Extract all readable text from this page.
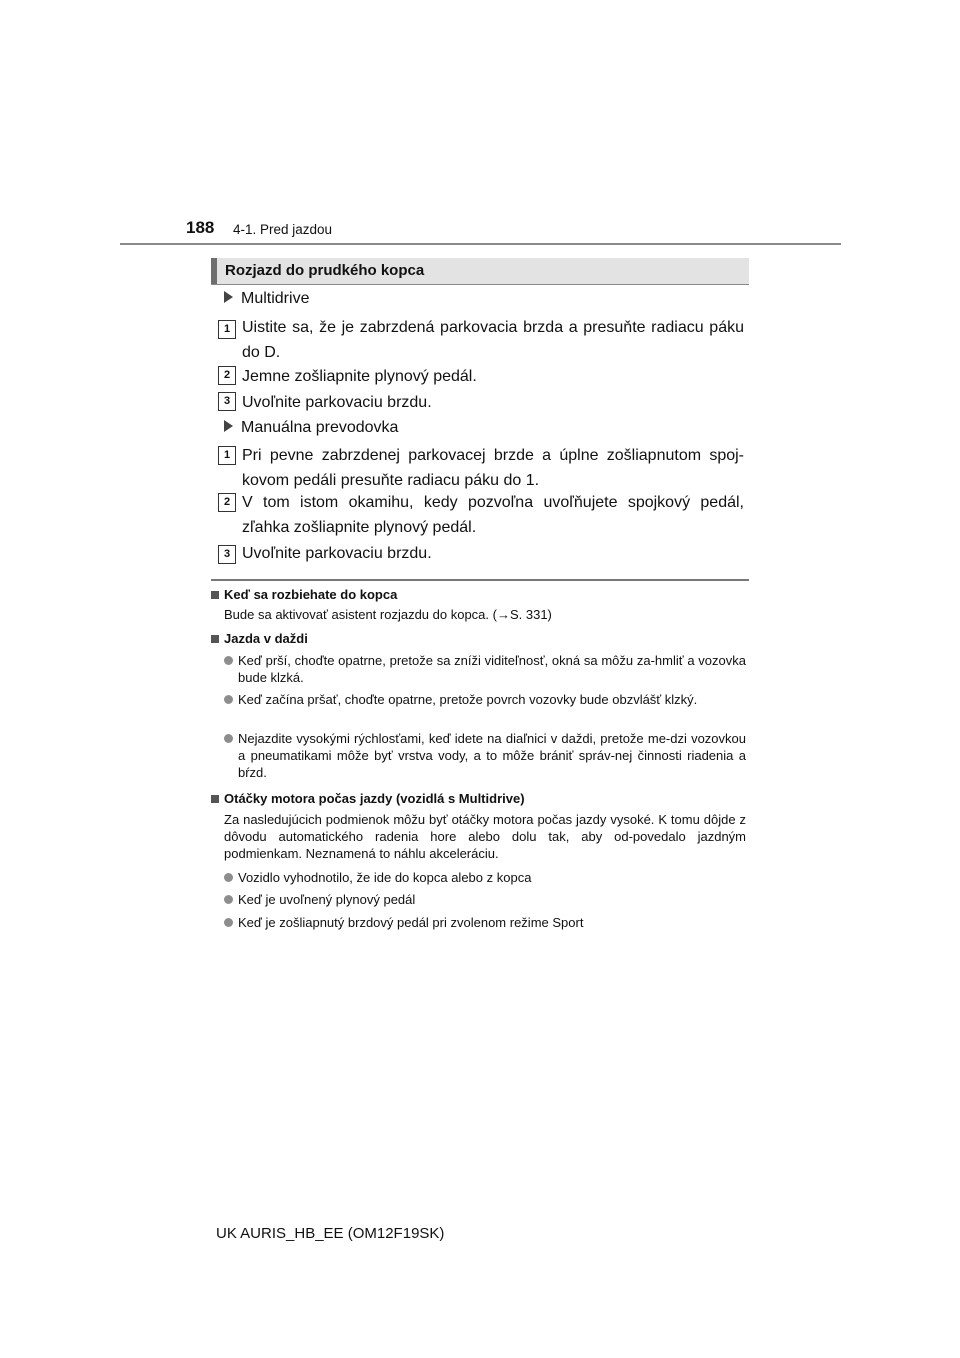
188 4-1. Pred jazdou
Rozjazd do prudkého kopca
Multidrive
1 Uistite sa, že je zabrzdená parkovacia brzda a presuňte radiacu páku do D.
2 Jemne zošliapnite plynový pedál.
3 Uvoľnite parkovaciu brzdu.
Manuálna prevodovka
1 Pri pevne zabrzdenej parkovacej brzde a úplne zošliapnutom spoj-kovom pedáli presuňte radiacu páku do 1.
2 V tom istom okamihu, kedy pozvoľna uvoľňujete spojkový pedál, zľahka zošliapnite plynový pedál.
3 Uvoľnite parkovaciu brzdu.
Keď sa rozbiehate do kopca
Bude sa aktivovať asistent rozjazdu do kopca. (→S. 331)
Jazda v daždi
Keď prší, choďte opatrne, pretože sa zníži viditeľnosť, okná sa môžu za-hmliť a vozovka bude klzká.
Keď začína pršať, choďte opatrne, pretože povrch vozovky bude obzvlášť klzký.
Nejazdite vysokými rýchlosťami, keď idete na diaľnici v daždi, pretože me-dzi vozovkou a pneumatikami môže byť vrstva vody, a to môže brániť správ-nej činnosti riadenia a bŕzd.
Otáčky motora počas jazdy (vozidlá s Multidrive)
Za nasledujúcich podmienok môžu byť otáčky motora počas jazdy vysoké. K tomu dôjde z dôvodu automatického radenia hore alebo dolu tak, aby od-povedalo jazdným podmienkam. Neznamená to náhlu akceleráciu.
Vozidlo vyhodnotilo, že ide do kopca alebo z kopca
Keď je uvoľnený plynový pedál
Keď je zošliapnutý brzdový pedál pri zvolenom režime Sport
UK AURIS_HB_EE (OM12F19SK)
